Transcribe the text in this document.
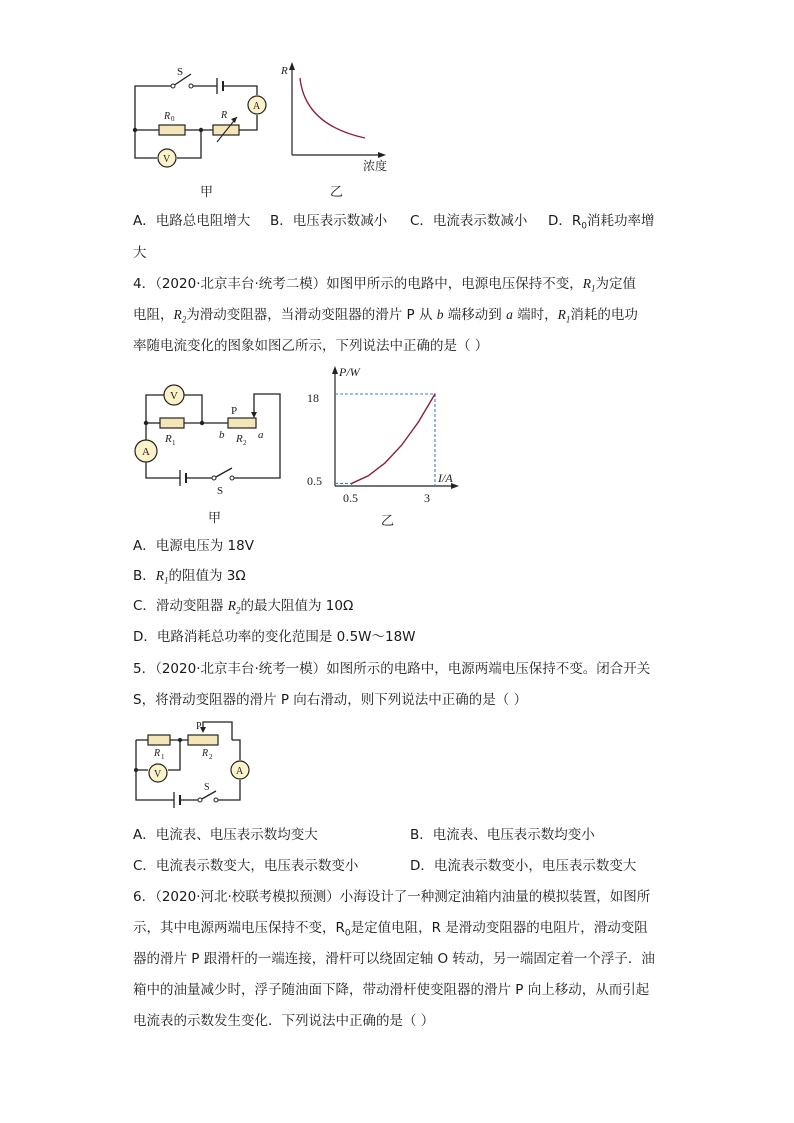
S
R 0	R
A
V
甲
R
浓度
乙
A．电路总电阻增大 B．电压表示数减小 C．电流表示数减小 D．$R_0$消耗功率增
大
4．（2020·北京丰台·统考二模）如图甲所示的电路中，电源电压保持不变，$R_1$为定值
电阻，$R_2$为滑动变阻器，当滑动变阻器的滑片 P 从 b 端移动到 a 端时，$R_1$消耗的电功
率随电流变化的图象如图乙所示，下列说法中正确的是（ ）
V
A
P
R 1
b R 2
a
S
甲
P/W
I/A
18
0.5
0.5	3
乙
A．电源电压为 18V
B．$R_1$的阻值为 3Ω
C．滑动变阻器 $R_2$的最大阻值为 10Ω
D．电路消耗总功率的变化范围是 0.5W～18W
5．（2020·北京丰台·统考一模）如图所示的电路中，电源两端电压保持不变。闭合开关
S，将滑动变阻器的滑片 P 向右滑动，则下列说法中正确的是（ ）
V	A
P
R 1	R 2
S
A．电流表、电压表示数均变大	B．电流表、电压表示数均变小
C．电流表示数变大，电压表示数变小	D．电流表示数变小，电压表示数变大
6．（2020·河北·校联考模拟预测）小海设计了一种测定油箱内油量的模拟装置，如图所
示，其中电源两端电压保持不变，$R_0$是定值电阻，R 是滑动变阻器的电阻片，滑动变阻
器的滑片 P 跟滑杆的一端连接，滑杆可以绕固定轴 O 转动，另一端固定着一个浮子．油
箱中的油量减少时，浮子随油面下降，带动滑杆使变阻器的滑片 P 向上移动，从而引起
电流表的示数发生变化．下列说法中正确的是（ ）
